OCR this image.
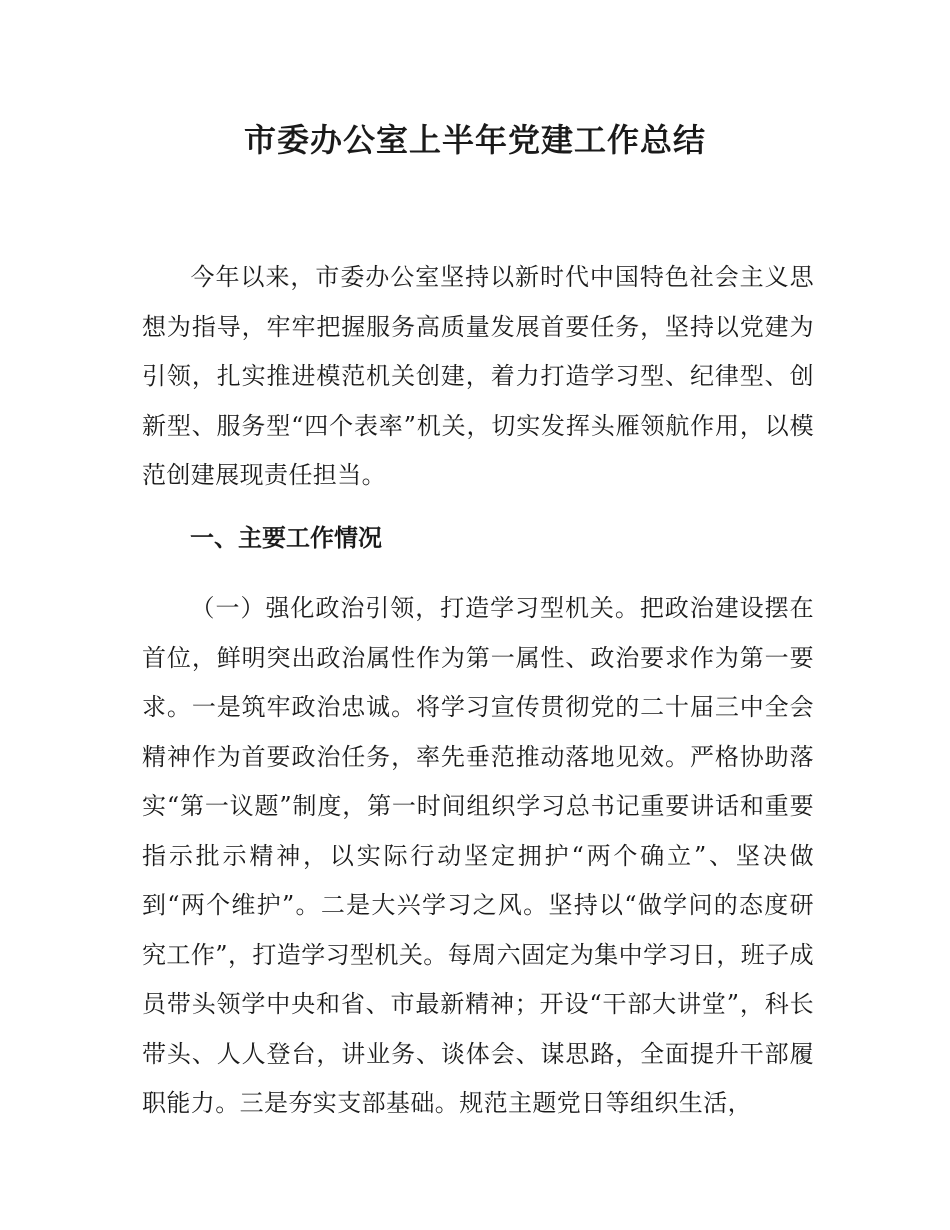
市委办公室上半年党建工作总结

今年以来，市委办公室坚持以新时代中国特色社会主义思想为指导，牢牢把握服务高质量发展首要任务，坚持以党建为引领，扎实推进模范机关创建，着力打造学习型、纪律型、创新型、服务型“四个表率”机关，切实发挥头雁领航作用，以模范创建展现责任担当。

一、主要工作情况

（一）强化政治引领，打造学习型机关。把政治建设摆在首位，鲜明突出政治属性作为第一属性、政治要求作为第一要求。一是筑牢政治忠诚。将学习宣传贯彻党的二十届三中全会精神作为首要政治任务，率先垂范推动落地见效。严格协助落实“第一议题”制度，第一时间组织学习总书记重要讲话和重要指示批示精神，以实际行动坚定拥护“两个确立”、坚决做到“两个维护”。二是大兴学习之风。坚持以“做学问的态度研究工作”，打造学习型机关。每周六固定为集中学习日，班子成员带头领学中央和省、市最新精神；开设“干部大讲堂”，科长带头、人人登台，讲业务、谈体会、谋思路，全面提升干部履职能力。三是夯实支部基础。规范主题党日等组织生活，
